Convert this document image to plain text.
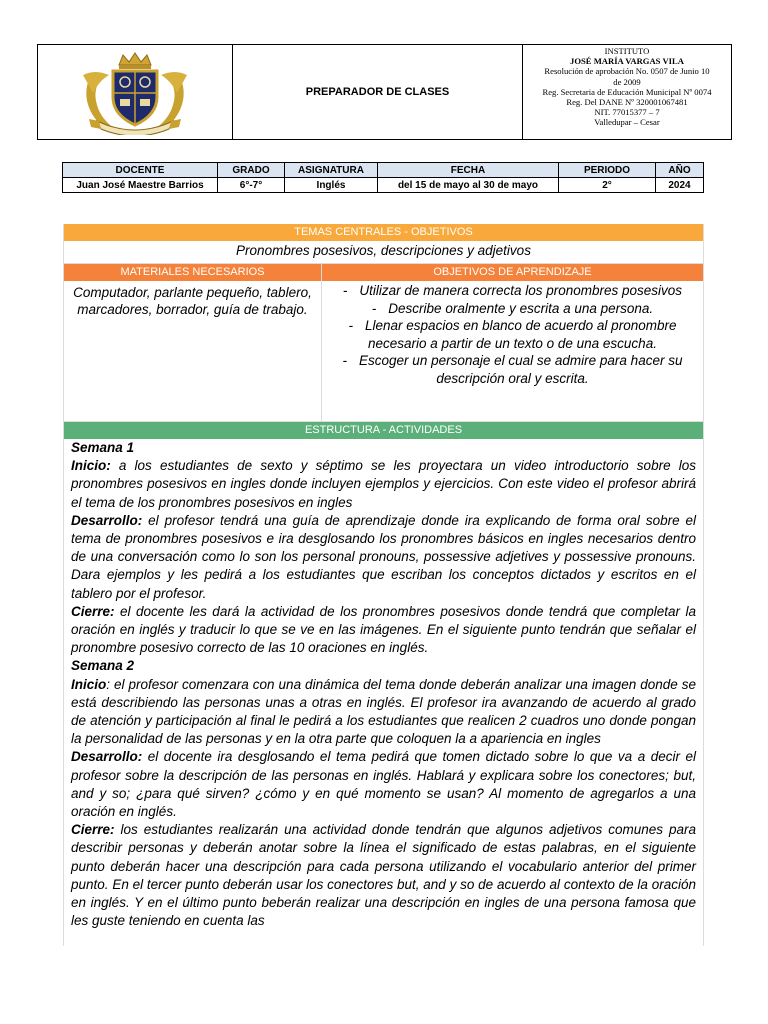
PREPARADOR DE CLASES
INSTITUTO
JOSÉ MARÍA VARGAS VILA
Resolución de aprobación No. 0507 de Junio 10
de 2009
Reg. Secretaria de Educación Municipal Nº 0074
Reg. Del DANE Nº 320001067481
NIT. 77015377 – 7
Valledupar – Cesar
DOCENTE	GRADO	ASIGNATURA	FECHA	PERIODO	AÑO
Juan José Maestre Barrios	6°-7°	Inglés	del 15 de mayo al 30 de mayo	2°	2024
TEMAS CENTRALES - OBJETIVOS
Pronombres posesivos, descripciones y adjetivos
MATERIALES NECESARIOS	OBJETIVOS DE APRENDIZAJE
Computador, parlante pequeño, tablero, marcadores, borrador, guía de trabajo.
- Utilizar de manera correcta los pronombres posesivos
- Describe oralmente y escrita a una persona.
- Llenar espacios en blanco de acuerdo al pronombre necesario a partir de un texto o de una escucha.
- Escoger un personaje el cual se admire para hacer su descripción oral y escrita.
ESTRUCTURA - ACTIVIDADES

Semana 1

Inicio: a los estudiantes de sexto y séptimo se les proyectara un video introductorio sobre los pronombres posesivos en ingles donde incluyen ejemplos y ejercicios. Con este video el profesor abrirá el tema de los pronombres posesivos en ingles

Desarrollo: el profesor tendrá una guía de aprendizaje donde ira explicando de forma oral sobre el tema de pronombres posesivos e ira desglosando los pronombres básicos en ingles necesarios dentro de una conversación como lo son los personal pronouns, possessive adjetives y possessive pronouns. Dara ejemplos y les pedirá a los estudiantes que escriban los conceptos dictados y escritos en el tablero por el profesor.

Cierre: el docente les dará la actividad de los pronombres posesivos donde tendrá que completar la oración en inglés y traducir lo que se ve en las imágenes. En el siguiente punto tendrán que señalar el pronombre posesivo correcto de las 10 oraciones en inglés.

Semana 2

Inicio: el profesor comenzara con una dinámica del tema donde deberán analizar una imagen donde se está describiendo las personas unas a otras en inglés. El profesor ira avanzando de acuerdo al grado de atención y participación al final le pedirá a los estudiantes que realicen 2 cuadros uno donde pongan la personalidad de las personas y en la otra parte que coloquen la a apariencia en ingles

Desarrollo: el docente ira desglosando el tema pedirá que tomen dictado sobre lo que va a decir el profesor sobre la descripción de las personas en inglés. Hablará y explicara sobre los conectores; but, and y so; ¿para qué sirven? ¿cómo y en qué momento se usan? Al momento de agregarlos a una oración en inglés.

Cierre: los estudiantes realizarán una actividad donde tendrán que algunos adjetivos comunes para describir personas y deberán anotar sobre la línea el significado de estas palabras, en el siguiente punto deberán hacer una descripción para cada persona utilizando el vocabulario anterior del primer punto. En el tercer punto deberán usar los conectores but, and y so de acuerdo al contexto de la oración en inglés. Y en el último punto beberán realizar una descripción en ingles de una persona famosa que les guste teniendo en cuenta las
